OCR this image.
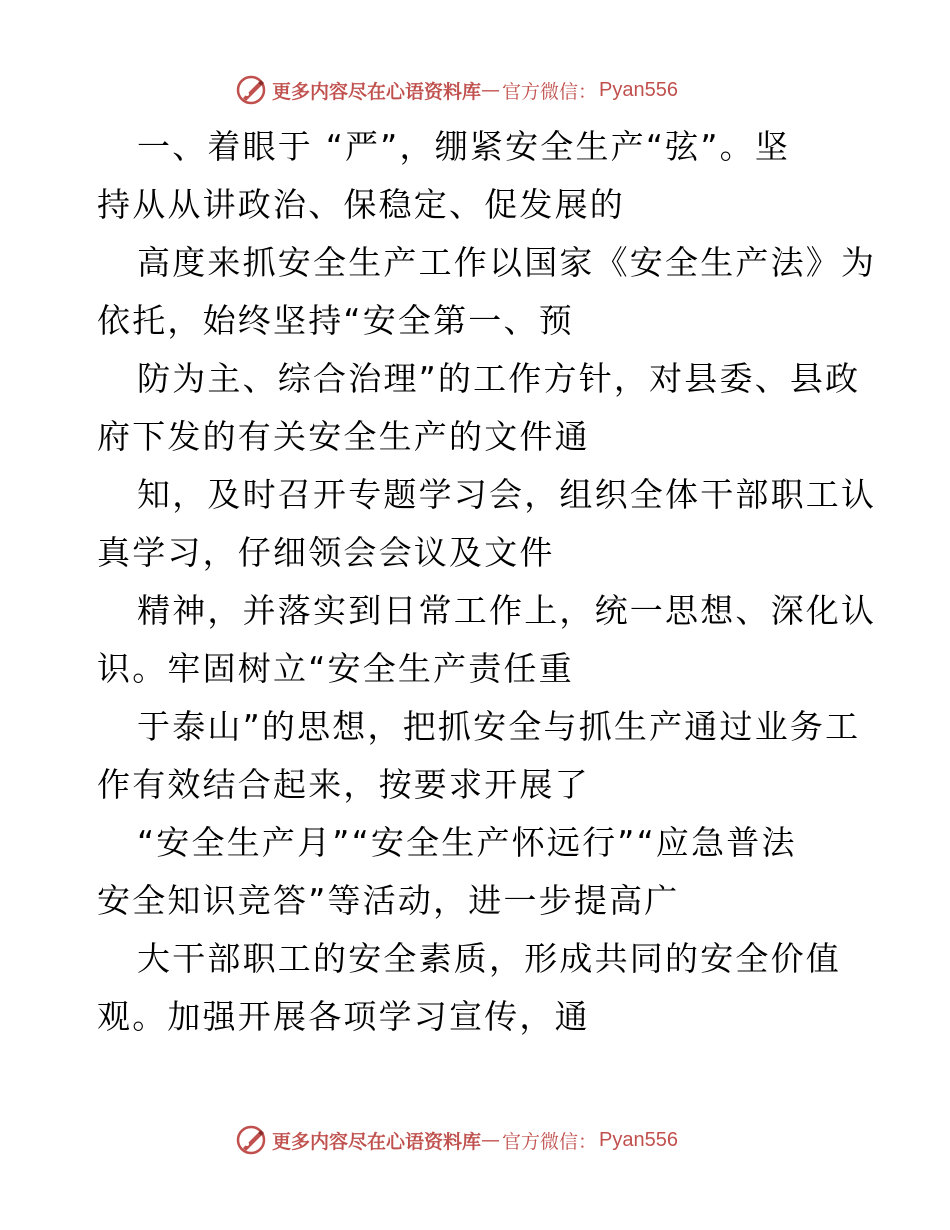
更多内容尽在心语资料库 — 官方微信： Pyan556
一、着眼于 “严”，绷紧安全生产“弦”。坚
持从从讲政治、保稳定、促发展的
高度来抓安全生产工作以国家《安全生产法》为
依托，始终坚持“安全第一、预
防为主、综合治理”的工作方针，对县委、县政
府下发的有关安全生产的文件通
知，及时召开专题学习会，组织全体干部职工认
真学习，仔细领会会议及文件
精神，并落实到日常工作上，统一思想、深化认
识。牢固树立“安全生产责任重
于泰山”的思想，把抓安全与抓生产通过业务工
作有效结合起来，按要求开展了
“安全生产月”“安全生产怀远行”“应急普法
安全知识竞答”等活动，进一步提高广
大干部职工的安全素质，形成共同的安全价值
观。加强开展各项学习宣传，通
更多内容尽在心语资料库 — 官方微信： Pyan556
